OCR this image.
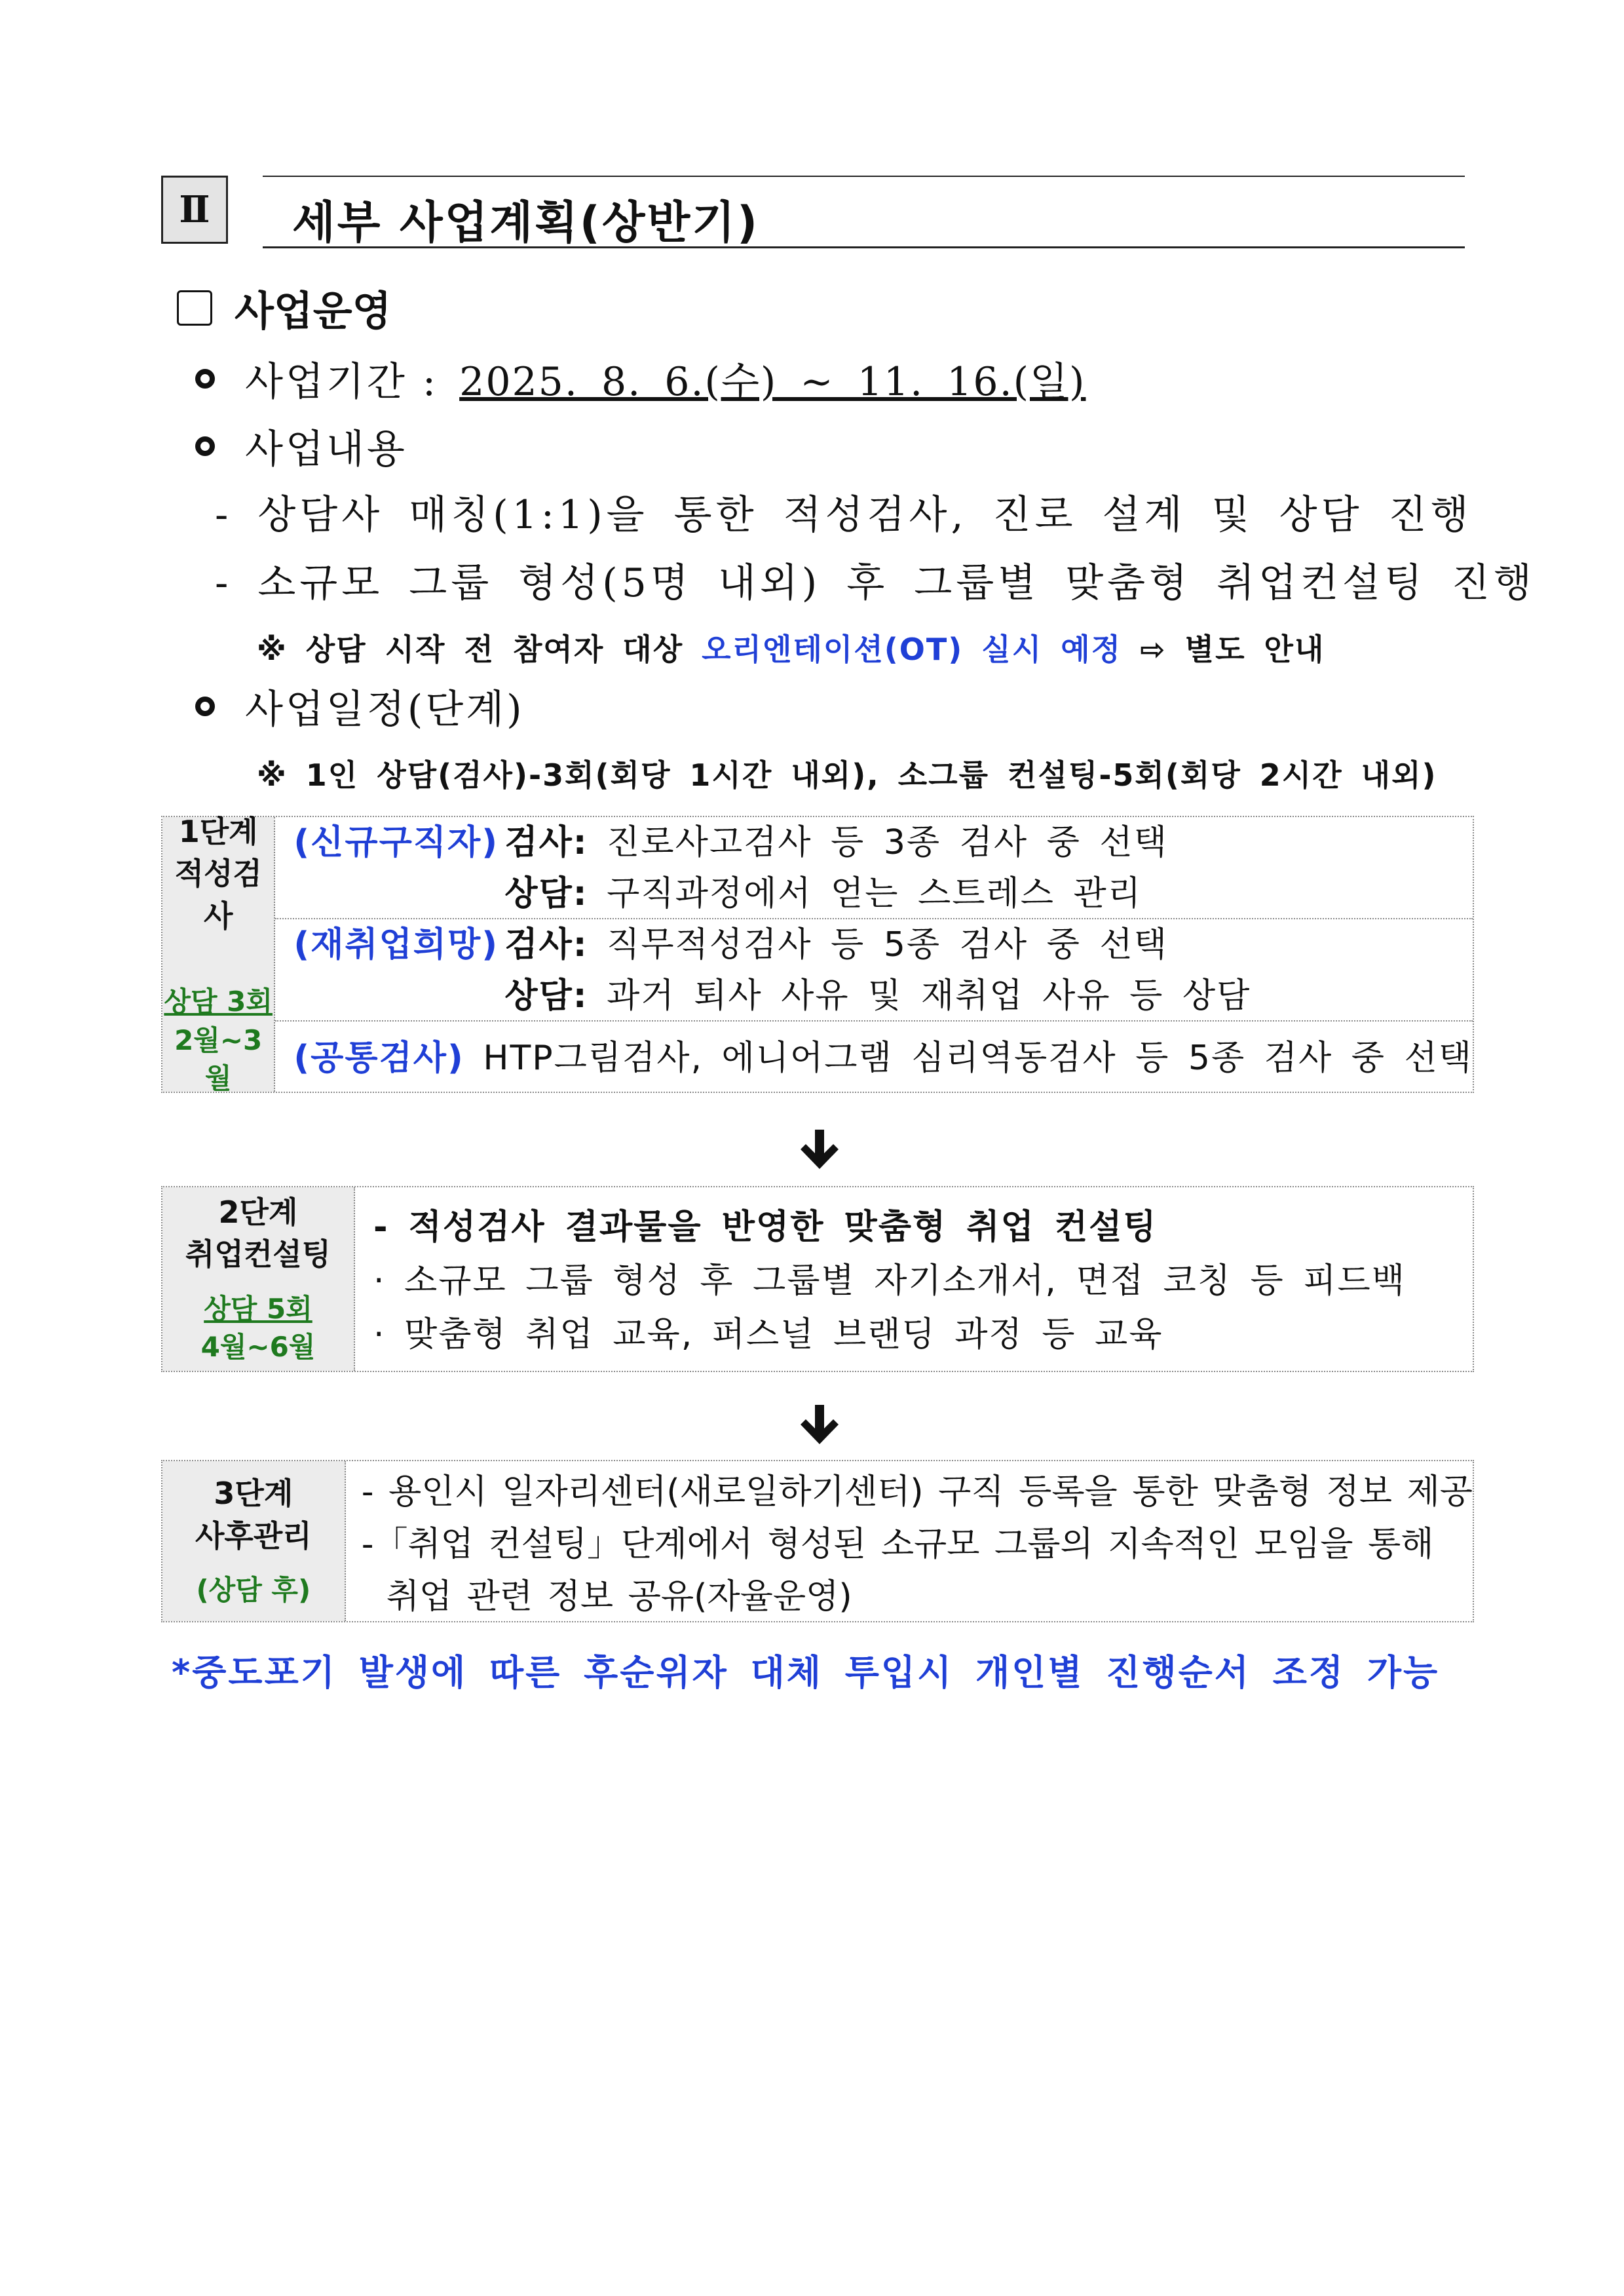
Ⅱ	세부 사업계획(상반기)
사업운영
사업기간 : 2025. 8. 6.(수) ~ 11. 16.(일)
사업내용
- 상담사 매칭(1:1)을 통한 적성검사, 진로 설계 및 상담 진행
- 소규모 그룹 형성(5명 내외) 후 그룹별 맞춤형 취업컨설팅 진행
※ 상담 시작 전 참여자 대상 오리엔테이션(OT) 실시 예정 ⇨ 별도 안내
사업일정(단계)
※ 1인 상담(검사)-3회(회당 1시간 내외), 소그룹 컨설팅-5회(회당 2시간 내외)
1단계
적성검사
상담 3회
2월~3월
(신규구직자) 검사: 진로사고검사 등 3종 검사 중 선택
상담: 구직과정에서 얻는 스트레스 관리
(재취업희망) 검사: 직무적성검사 등 5종 검사 중 선택
상담: 과거 퇴사 사유 및 재취업 사유 등 상담
(공통검사) HTP그림검사, 에니어그램 심리역동검사 등 5종 검사 중 선택
2단계
취업컨설팅
상담 5회
4월~6월
- 적성검사 결과물을 반영한 맞춤형 취업 컨설팅
· 소규모 그룹 형성 후 그룹별 자기소개서, 면접 코칭 등 피드백
· 맞춤형 취업 교육, 퍼스널 브랜딩 과정 등 교육
3단계
사후관리
(상담 후)
- 용인시 일자리센터(새로일하기센터) 구직 등록을 통한 맞춤형 정보 제공
-「취업 컨설팅」단계에서 형성된 소규모 그룹의 지속적인 모임을 통해
취업 관련 정보 공유(자율운영)
*중도포기 발생에 따른 후순위자 대체 투입시 개인별 진행순서 조정 가능
